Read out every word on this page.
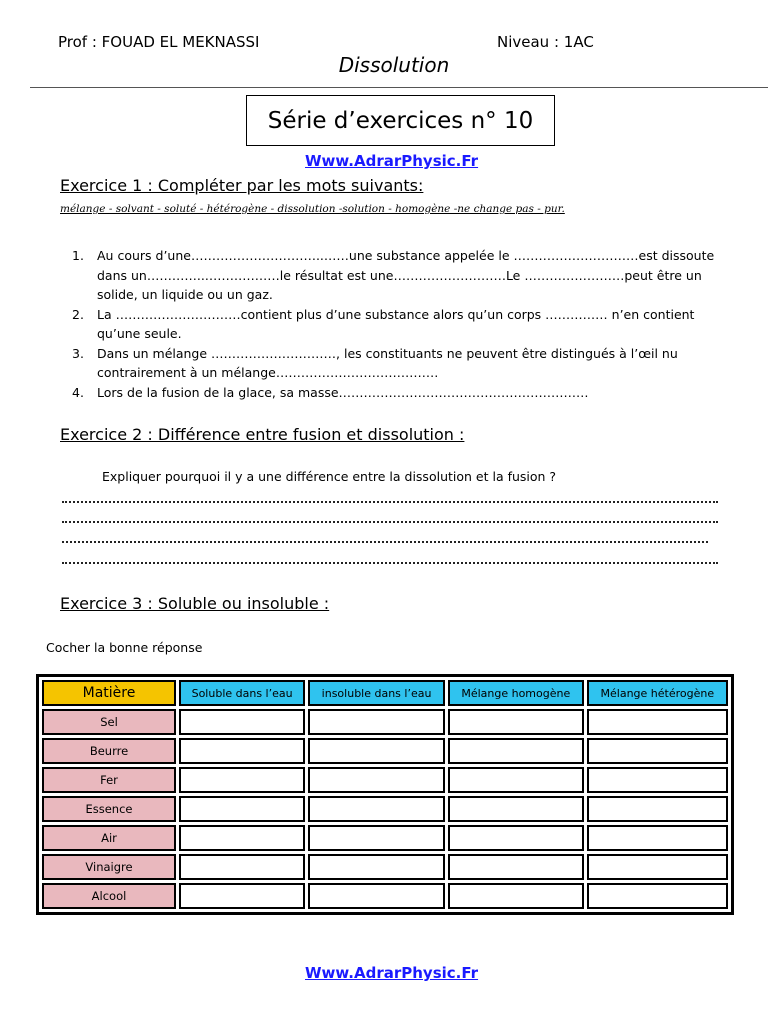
Prof : FOUAD EL MEKNASSI	Niveau : 1AC
Dissolution
Série d’exercices n° 10
Www.AdrarPhysic.Fr
Exercice 1 : Compléter par les mots suivants:
mélange - solvant - soluté - hétérogène - dissolution -solution - homogène -ne change pas - pur.
1.	Au cours d’une…………………………..……une substance appelée le …………………………est dissoute dans un…………..………………le résultat est une………………………Le ……………………peut être un solide, un liquide ou un gaz.
2.	La …………………………contient plus d’une substance alors qu’un corps …………… n’en contient qu’une seule.
3.	Dans un mélange …………………………, les constituants ne peuvent être distingués à l’œil nu contrairement à un mélange…………………………………
4.	Lors de la fusion de la glace, sa masse……………………………………………………
Exercice 2 : Différence entre fusion et dissolution :
Expliquer pourquoi il y a une différence entre la dissolution et la fusion ?
Exercice 3 : Soluble ou insoluble :
Cocher la bonne réponse
Matière	Soluble dans l’eau	insoluble dans l’eau	Mélange homogène	Mélange hétérogène
Sel				
Beurre				
Fer				
Essence				
Air				
Vinaigre				
Alcool				
Www.AdrarPhysic.Fr
